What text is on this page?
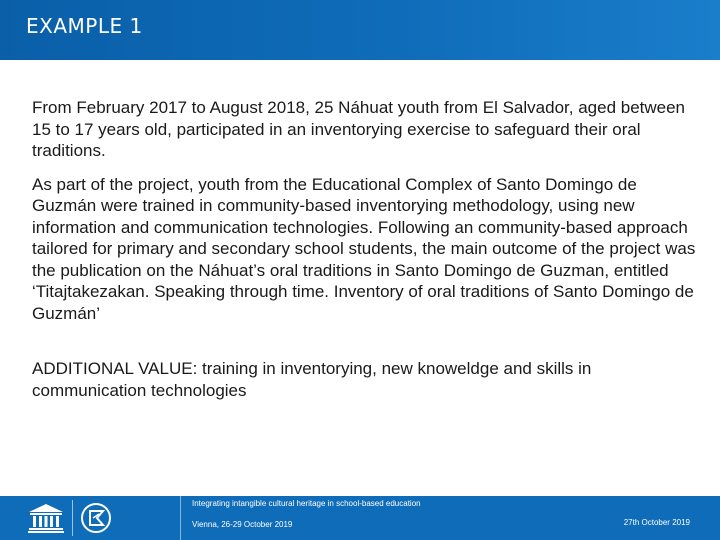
EXAMPLE 1

From February 2017 to August 2018, 25 Náhuat youth from El Salvador, aged between 15 to 17 years old, participated in an inventorying exercise to safeguard their oral traditions.

As part of the project, youth from the Educational Complex of Santo Domingo de Guzmán were trained in community-based inventorying methodology, using new information and communication technologies. Following an community-based approach tailored for primary and secondary school students, the main outcome of the project was the publication on the Náhuat’s oral traditions in Santo Domingo de Guzman, entitled ‘Titajtakezakan. Speaking through time. Inventory of oral traditions of Santo Domingo de Guzmán’

ADDITIONAL VALUE: training in inventorying, new knoweldge and skills in communication technologies

Integrating intangible cultural heritage in school-based education
Vienna, 26-29 October 2019	27th October 2019
